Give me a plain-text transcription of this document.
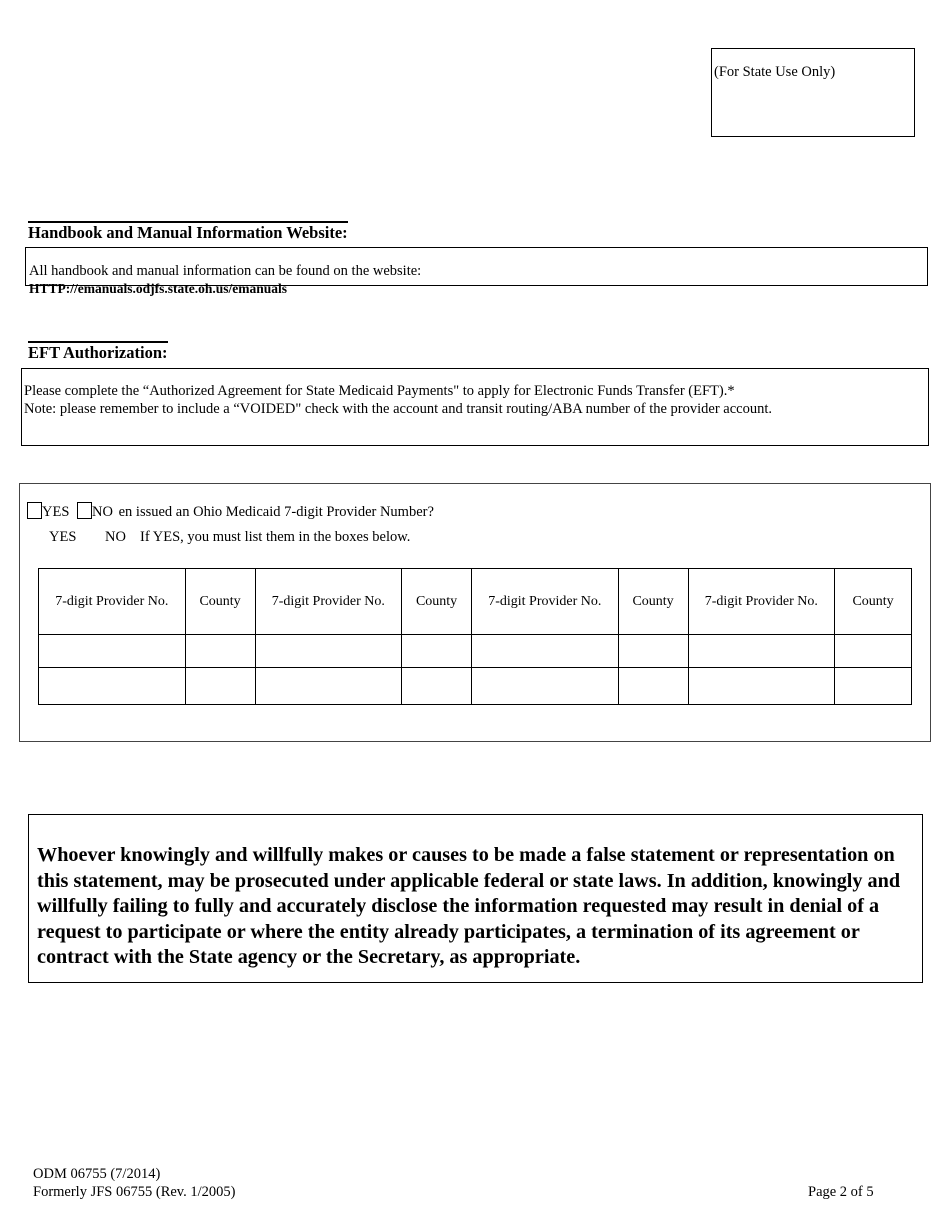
(For State Use Only)
Handbook and Manual Information Website:
All handbook and manual information can be found on the website:
HTTP://emanuals.odjfs.state.oh.us/emanuals
EFT Authorization:
Please complete the “Authorized Agreement for State Medicaid Payments" to apply for Electronic Funds Transfer (EFT).*
Note: please remember to include a “VOIDED" check with the account and transit routing/ABA number of the provider account.
YES NO en issued an Ohio Medicaid 7-digit Provider Number?
YES NO If YES, you must list them in the boxes below.
7-digit Provider No.	County	7-digit Provider No.	County	7-digit Provider No.	County	7-digit Provider No.	County

Whoever knowingly and willfully makes or causes to be made a false statement or representation on this statement, may be prosecuted under applicable federal or state laws. In addition, knowingly and willfully failing to fully and accurately disclose the information requested may result in denial of a request to participate or where the entity already participates, a termination of its agreement or contract with the State agency or the Secretary, as appropriate.
ODM 06755 (7/2014)
Formerly JFS 06755 (Rev. 1/2005)	Page 2 of 5
